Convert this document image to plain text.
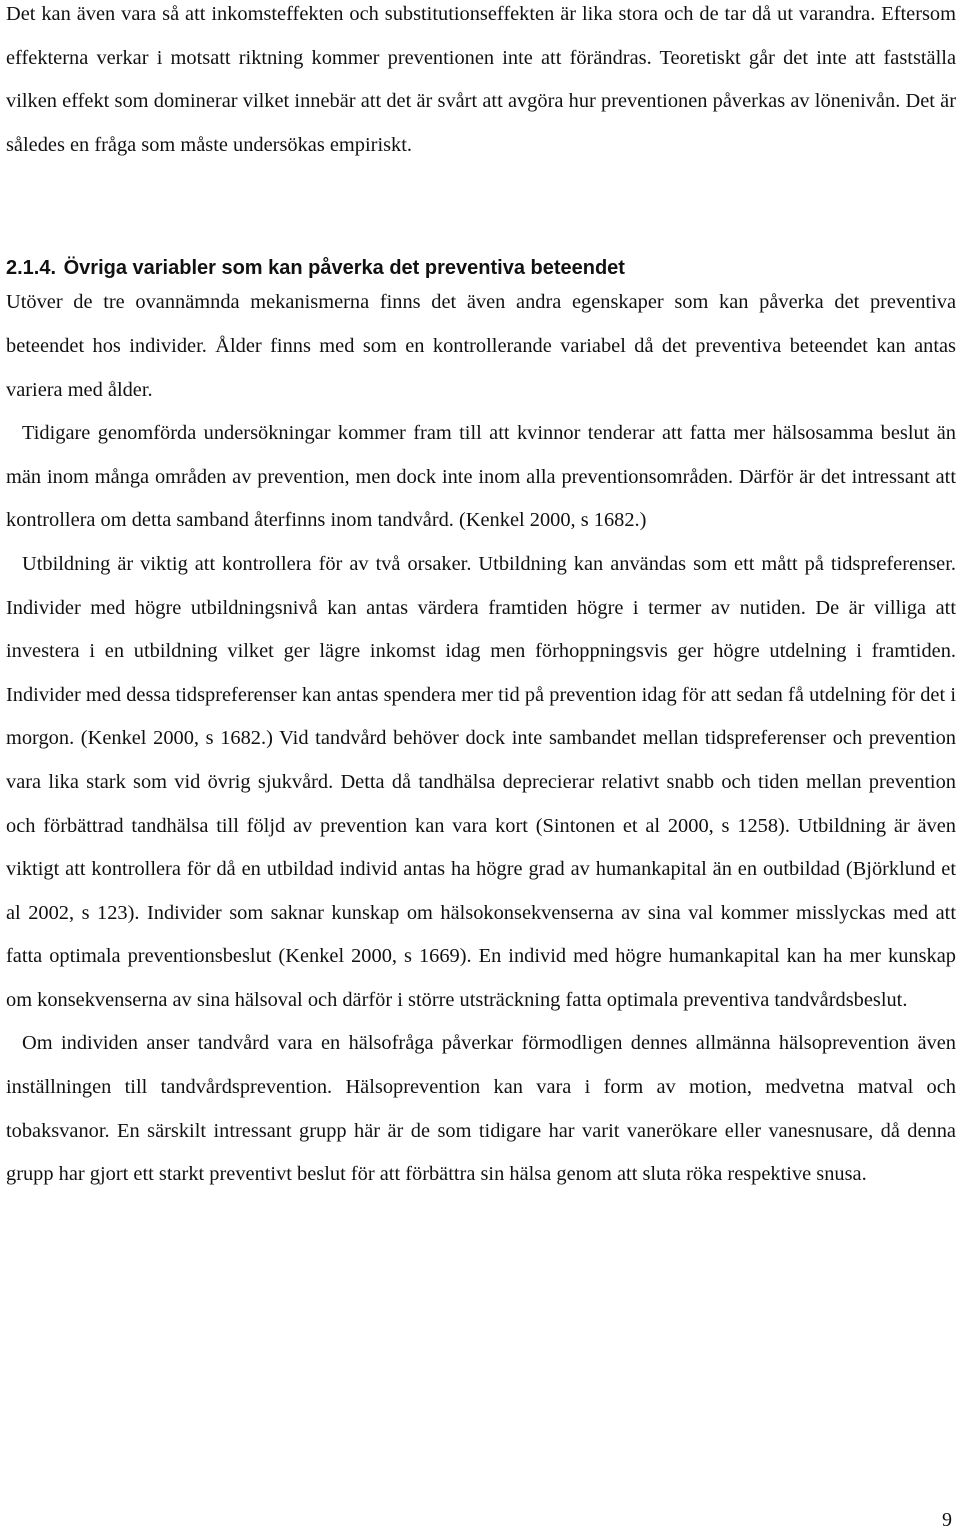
Det kan även vara så att inkomsteffekten och substitutionseffekten är lika stora och de tar då ut varandra. Eftersom effekterna verkar i motsatt riktning kommer preventionen inte att förändras. Teoretiskt går det inte att fastställa vilken effekt som dominerar vilket innebär att det är svårt att avgöra hur preventionen påverkas av lönenivån. Det är således en fråga som måste undersökas empiriskt.

2.1.4. Övriga variabler som kan påverka det preventiva beteendet

Utöver de tre ovannämnda mekanismerna finns det även andra egenskaper som kan påverka det preventiva beteendet hos individer. Ålder finns med som en kontrollerande variabel då det preventiva beteendet kan antas variera med ålder.

Tidigare genomförda undersökningar kommer fram till att kvinnor tenderar att fatta mer hälsosamma beslut än män inom många områden av prevention, men dock inte inom alla preventionsområden. Därför är det intressant att kontrollera om detta samband återfinns inom tandvård. (Kenkel 2000, s 1682.)

Utbildning är viktig att kontrollera för av två orsaker. Utbildning kan användas som ett mått på tidspreferenser. Individer med högre utbildningsnivå kan antas värdera framtiden högre i termer av nutiden. De är villiga att investera i en utbildning vilket ger lägre inkomst idag men förhoppningsvis ger högre utdelning i framtiden. Individer med dessa tidspreferenser kan antas spendera mer tid på prevention idag för att sedan få utdelning för det i morgon. (Kenkel 2000, s 1682.) Vid tandvård behöver dock inte sambandet mellan tidspreferenser och prevention vara lika stark som vid övrig sjukvård. Detta då tandhälsa deprecierar relativt snabb och tiden mellan prevention och förbättrad tandhälsa till följd av prevention kan vara kort (Sintonen et al 2000, s 1258). Utbildning är även viktigt att kontrollera för då en utbildad individ antas ha högre grad av humankapital än en outbildad (Björklund et al 2002, s 123). Individer som saknar kunskap om hälsokonsekvenserna av sina val kommer misslyckas med att fatta optimala preventionsbeslut (Kenkel 2000, s 1669). En individ med högre humankapital kan ha mer kunskap om konsekvenserna av sina hälsoval och därför i större utsträckning fatta optimala preventiva tandvårdsbeslut.

Om individen anser tandvård vara en hälsofråga påverkar förmodligen dennes allmänna hälsoprevention även inställningen till tandvårdsprevention. Hälsoprevention kan vara i form av motion, medvetna matval och tobaksvanor. En särskilt intressant grupp här är de som tidigare har varit vanerökare eller vanesnusare, då denna grupp har gjort ett starkt preventivt beslut för att förbättra sin hälsa genom att sluta röka respektive snusa.

9
